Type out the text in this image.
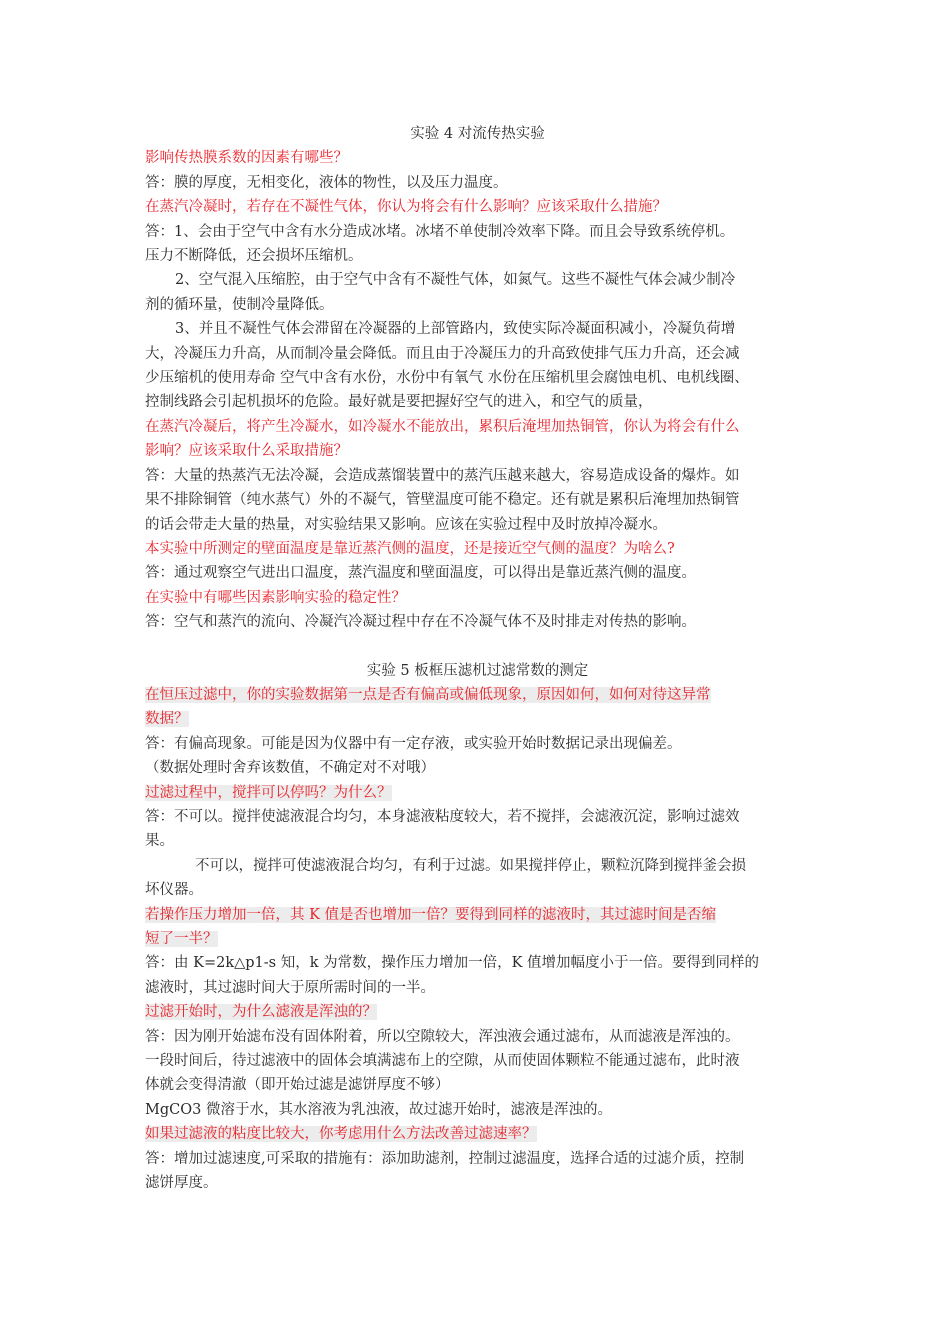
实验 4 对流传热实验
影响传热膜系数的因素有哪些？
答：膜的厚度，无相变化，液体的物性，以及压力温度。
在蒸汽冷凝时，若存在不凝性气体，你认为将会有什么影响？应该采取什么措施？
答：1、会由于空气中含有水分造成冰堵。冰堵不单使制冷效率下降。而且会导致系统停机。
压力不断降低，还会损坏压缩机。
2、空气混入压缩腔，由于空气中含有不凝性气体，如氮气。这些不凝性气体会减少制冷
剂的循环量，使制冷量降低。
3、并且不凝性气体会滞留在冷凝器的上部管路内，致使实际冷凝面积减小，冷凝负荷增
大，冷凝压力升高，从而制冷量会降低。而且由于冷凝压力的升高致使排气压力升高，还会减
少压缩机的使用寿命 空气中含有水份，水份中有氧气 水份在压缩机里会腐蚀电机、电机线圈、
控制线路会引起机损坏的危险。最好就是要把握好空气的进入，和空气的质量，
在蒸汽冷凝后，将产生冷凝水，如冷凝水不能放出，累积后淹埋加热铜管，你认为将会有什么
影响？应该采取什么采取措施？
答：大量的热蒸汽无法冷凝，会造成蒸馏装置中的蒸汽压越来越大，容易造成设备的爆炸。如
果不排除铜管（纯水蒸气）外的不凝气，管壁温度可能不稳定。还有就是累积后淹埋加热铜管
的话会带走大量的热量，对实验结果又影响。应该在实验过程中及时放掉冷凝水。
本实验中所测定的壁面温度是靠近蒸汽侧的温度，还是接近空气侧的温度？为啥么?
答：通过观察空气进出口温度，蒸汽温度和壁面温度，可以得出是靠近蒸汽侧的温度。
在实验中有哪些因素影响实验的稳定性？
答：空气和蒸汽的流向、冷凝汽冷凝过程中存在不冷凝气体不及时排走对传热的影响。
实验 5 板框压滤机过滤常数的测定
在恒压过滤中，你的实验数据第一点是否有偏高或偏低现象，原因如何，如何对待这异常
数据？
答：有偏高现象。可能是因为仪器中有一定存液，或实验开始时数据记录出现偏差。
（数据处理时舍弃该数值，不确定对不对哦）
过滤过程中，搅拌可以停吗？为什么？
答：不可以。搅拌使滤液混合均匀，本身滤液粘度较大，若不搅拌，会滤液沉淀，影响过滤效
果。
不可以，搅拌可使滤液混合均匀，有利于过滤。如果搅拌停止，颗粒沉降到搅拌釜会损
坏仪器。
若操作压力增加一倍，其 K 值是否也增加一倍？要得到同样的滤液时，其过滤时间是否缩
短了一半？
答：由 K=2k△p1-s 知，k 为常数，操作压力增加一倍，K 值增加幅度小于一倍。要得到同样的
滤液时，其过滤时间大于原所需时间的一半。
过滤开始时，为什么滤液是浑浊的？
答：因为刚开始滤布没有固体附着，所以空隙较大，浑浊液会通过滤布，从而滤液是浑浊的。
一段时间后，待过滤液中的固体会填满滤布上的空隙，从而使固体颗粒不能通过滤布，此时液
体就会变得清澈（即开始过滤是滤饼厚度不够）
MgCO3 微溶于水，其水溶液为乳浊液，故过滤开始时，滤液是浑浊的。
如果过滤液的粘度比较大，你考虑用什么方法改善过滤速率？
答：增加过滤速度,可采取的措施有：添加助滤剂，控制过滤温度，选择合适的过滤介质，控制
滤饼厚度。
